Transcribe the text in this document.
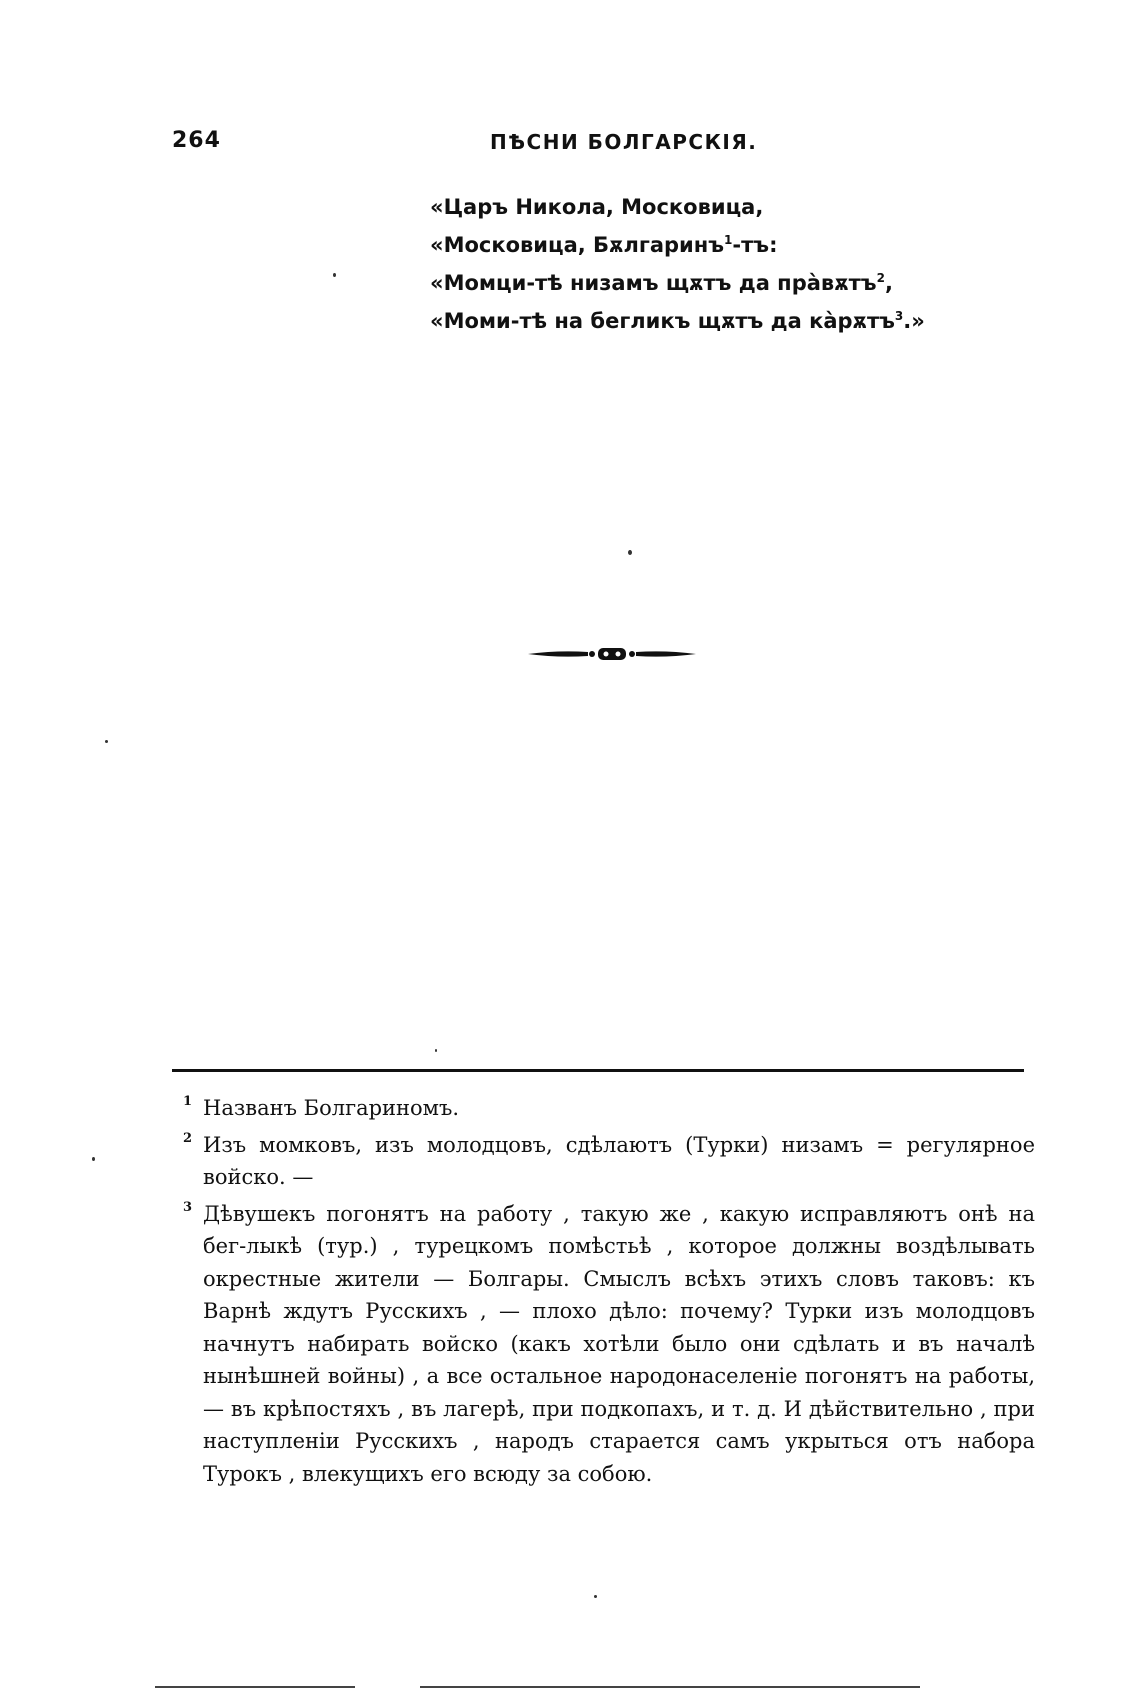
264	ПѢСНИ БОЛГАРСКІЯ.
«Царъ Никола, Московица,
«Московица, Бѫлгаринъ$^1$-тъ:
«Момци-тѣ низамъ щѫтъ да прàвѫтъ$^2$,
«Моми-тѣ на бегликъ щѫтъ да кàрѫтъ$^3$.»
1 Названъ Болгариномъ.
2 Изъ момковъ, изъ молодцовъ, сдѣлаютъ (Турки) низамъ = регулярное войско. —
3 Дѣвушекъ погонятъ на работу , такую же , какую исправляютъ онѣ на бег-лыкѣ (тур.) , турецкомъ помѣстьѣ , которое должны воздѣлывать окрестные жители — Болгары. Смыслъ всѣхъ этихъ словъ таковъ: къ Варнѣ ждутъ Русскихъ , — плохо дѣло: почему? Турки изъ молодцовъ начнутъ набирать войско (какъ хотѣли было они сдѣлать и въ началѣ нынѣшней войны) , а все остальное народонаселеніе погонятъ на работы, — въ крѣпостяхъ , въ лагерѣ, при подкопахъ, и т. д. И дѣйствительно , при наступленіи Русскихъ , народъ старается самъ укрыться отъ набора Турокъ , влекущихъ его всюду за собою.
